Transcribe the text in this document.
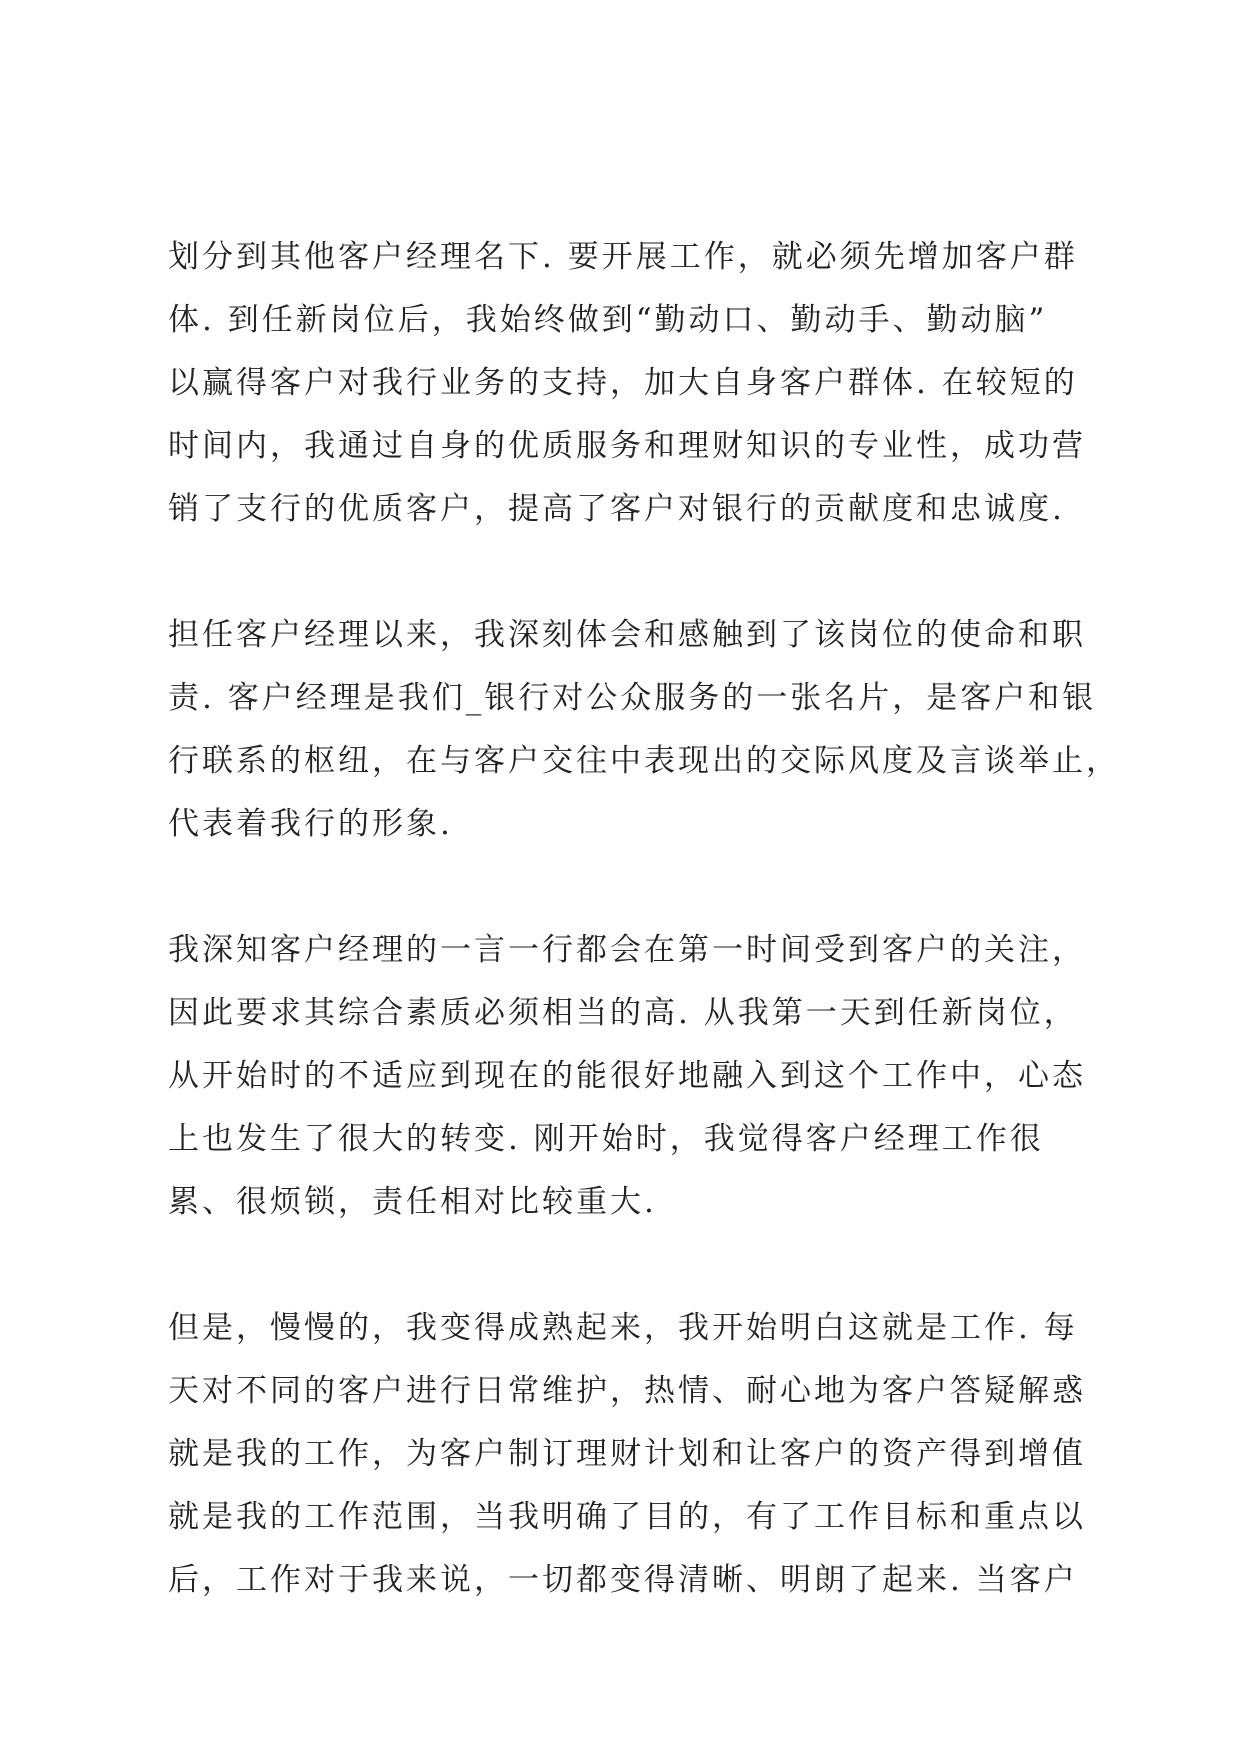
划分到其他客户经理名下. 要开展工作，就必须先增加客户群
体. 到任新岗位后，我始终做到“勤动口、勤动手、勤动脑”
以赢得客户对我行业务的支持，加大自身客户群体. 在较短的
时间内，我通过自身的优质服务和理财知识的专业性，成功营
销了支行的优质客户，提高了客户对银行的贡献度和忠诚度.

担任客户经理以来，我深刻体会和感触到了该岗位的使命和职
责. 客户经理是我们_银行对公众服务的一张名片，是客户和银
行联系的枢纽，在与客户交往中表现出的交际风度及言谈举止，
代表着我行的形象.

我深知客户经理的一言一行都会在第一时间受到客户的关注，
因此要求其综合素质必须相当的高. 从我第一天到任新岗位，
从开始时的不适应到现在的能很好地融入到这个工作中，心态
上也发生了很大的转变. 刚开始时，我觉得客户经理工作很
累、很烦锁，责任相对比较重大.

但是，慢慢的，我变得成熟起来，我开始明白这就是工作. 每
天对不同的客户进行日常维护，热情、耐心地为客户答疑解惑
就是我的工作，为客户制订理财计划和让客户的资产得到增值
就是我的工作范围，当我明确了目的，有了工作目标和重点以
后，工作对于我来说，一切都变得清晰、明朗了起来. 当客户
